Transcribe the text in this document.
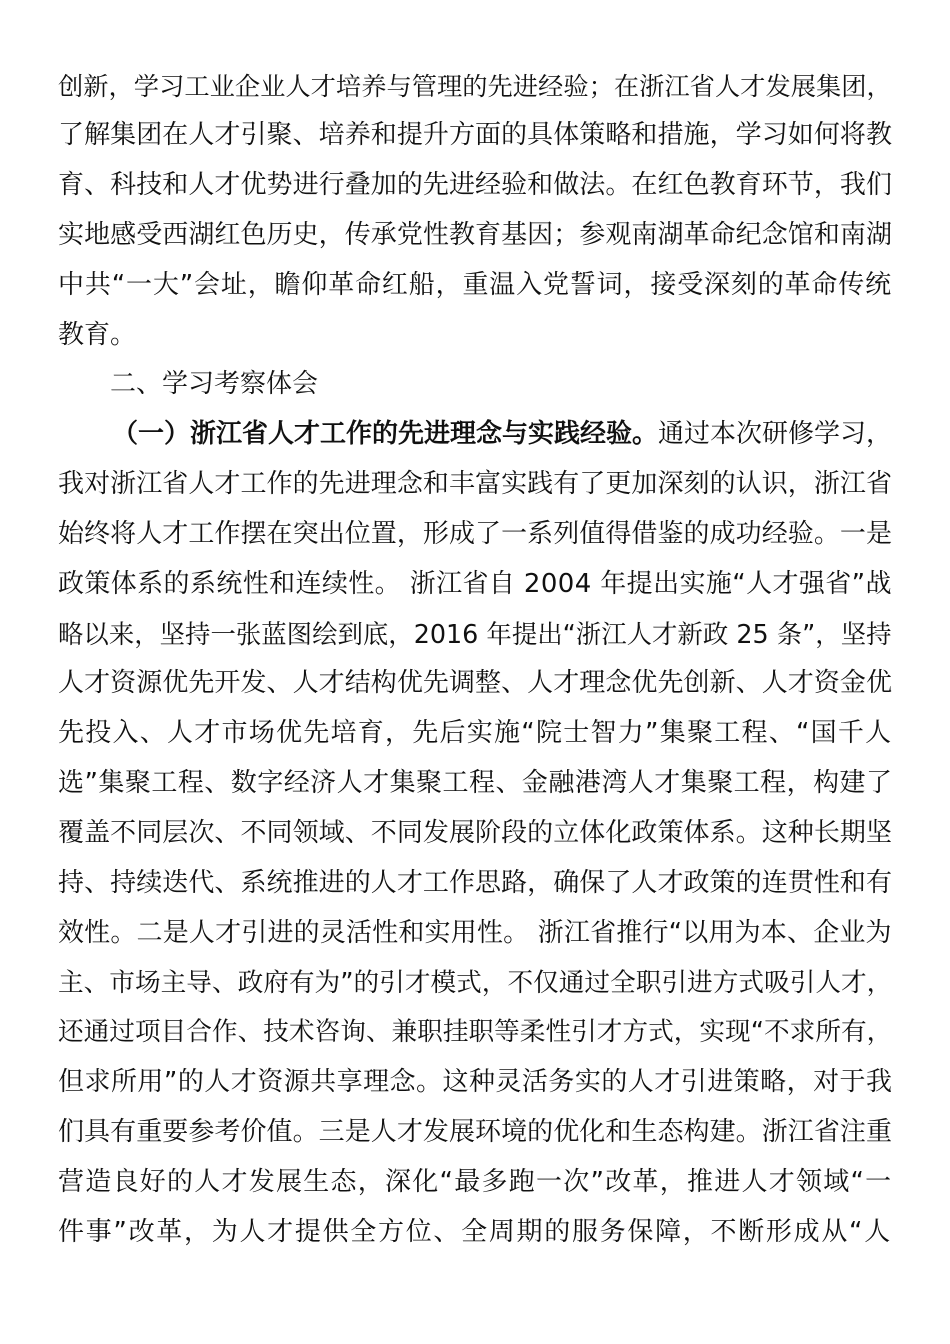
创新，学习工业企业人才培养与管理的先进经验；在浙江省人才发展集团，
了解集团在人才引聚、培养和提升方面的具体策略和措施，学习如何将教
育、科技和人才优势进行叠加的先进经验和做法。在红色教育环节，我们
实地感受西湖红色历史，传承党性教育基因；参观南湖革命纪念馆和南湖
中共“一大”会址，瞻仰革命红船，重温入党誓词，接受深刻的革命传统
教育。
二、学习考察体会
（一）浙江省人才工作的先进理念与实践经验。通过本次研修学习，
我对浙江省人才工作的先进理念和丰富实践有了更加深刻的认识，浙江省
始终将人才工作摆在突出位置，形成了一系列值得借鉴的成功经验。一是
政策体系的系统性和连续性。 浙江省自 2004 年提出实施“人才强省”战
略以来，坚持一张蓝图绘到底，2016 年提出“浙江人才新政 25 条”，坚持
人才资源优先开发、人才结构优先调整、人才理念优先创新、人才资金优
先投入、人才市场优先培育，先后实施“院士智力”集聚工程、“国千人
选”集聚工程、数字经济人才集聚工程、金融港湾人才集聚工程，构建了
覆盖不同层次、不同领域、不同发展阶段的立体化政策体系。这种长期坚
持、持续迭代、系统推进的人才工作思路，确保了人才政策的连贯性和有
效性。二是人才引进的灵活性和实用性。 浙江省推行“以用为本、企业为
主、市场主导、政府有为”的引才模式，不仅通过全职引进方式吸引人才，
还通过项目合作、技术咨询、兼职挂职等柔性引才方式，实现“不求所有，
但求所用”的人才资源共享理念。这种灵活务实的人才引进策略，对于我
们具有重要参考价值。三是人才发展环境的优化和生态构建。浙江省注重
营造良好的人才发展生态，深化“最多跑一次”改革，推进人才领域“一
件事”改革，为人才提供全方位、全周期的服务保障，不断形成从“人
